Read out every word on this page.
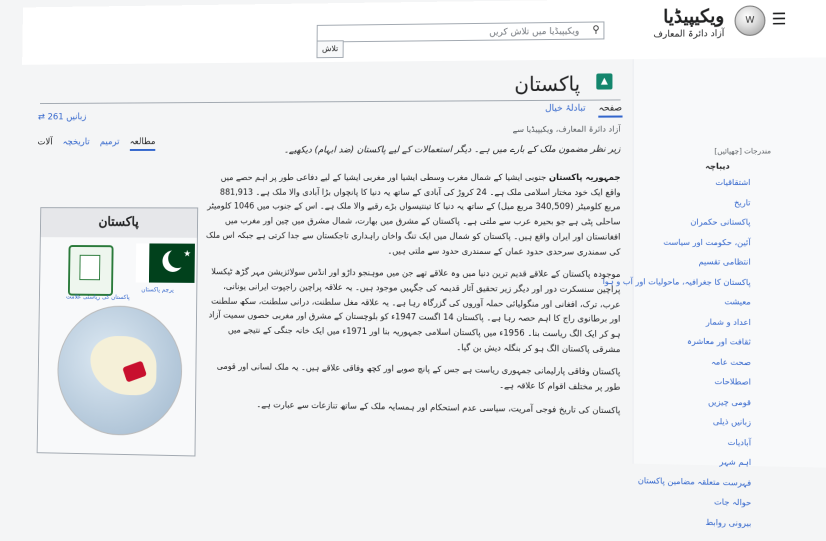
☰
W
ویکیپیڈیا
آزاد دائرۃ المعارف
ویکیپیڈیا میں تلاش کریں	⚲
تلاش
مندرجات [چھپائیں]
دیباچہ
اشتقاقیات
تاریخ
پاکستانی حکمران
آئین، حکومت اور سیاست
انتظامی تقسیم
پاکستان کا جغرافیہ، ماحولیات اور آب و ہوا
معیشت
اعداد و شمار
ثقافت اور معاشرہ
صحت عامہ
اصطلاحات
قومی چیزیں
زبانیں ذیلی
آبادیات
اہم شہر
فہرست متعلقہ مضامین پاکستان
حوالہ جات
بیرونی روابط
▲
پاکستان
⇄ 261 زبانیں
صفحہ تبادلۂ خیال
مطالعہ ترمیم تاریخچہ آلات
آزاد دائرۃ المعارف، ویکیپیڈیا سے
زیر نظر مضمون ملک کے بارے میں ہے۔ دیگر استعمالات کے لیے پاکستان (ضد ابہام) دیکھیے۔
پاکستان
★
پرچم پاکستان
پاکستان کی ریاستی علامت

جمہوریہ پاکستان جنوبی ایشیا کے شمال مغرب وسطی ایشیا اور مغربی ایشیا کے لیے دفاعی طور پر اہم حصے میں واقع ایک خود مختار اسلامی ملک ہے۔ 24 کروڑ کی آبادی کے ساتھ یہ دنیا کا پانچواں بڑا آبادی والا ملک ہے۔ 881,913 مربع کلومیٹر (340,509 مربع میل) کے ساتھ یہ دنیا کا تینتیسواں بڑے رقبے والا ملک ہے۔ اس کے جنوب میں 1046 کلومیٹر ساحلی پٹی ہے جو بحیرہ عرب سے ملتی ہے۔ پاکستان کے مشرق میں بھارت، شمال مشرق میں چین اور مغرب میں افغانستان اور ایران واقع ہیں۔ پاکستان کو شمال میں ایک تنگ واخان راہداری تاجکستان سے جدا کرتی ہے جبکہ اس ملک کی سمندری سرحدی حدود عمان کے سمندری حدود سے ملتی ہیں۔

موجودہ پاکستان کے علاقے قدیم ترین دنیا میں وہ علاقے تھے جن میں موہنجو داڑو اور انڈس سولائزیشن مہر گڑھ ٹیکسلا پراچین سنسکرت دور اور دیگر زیر تحقیق آثار قدیمہ کی جگہیں موجود ہیں۔ یہ علاقہ پراچین راجپوت ایرانی یونانی، عرب، ترک، افغانی اور منگولیائی حملہ آوروں کی گزرگاہ رہا ہے۔ یہ علاقہ مغل سلطنت، درانی سلطنت، سکھ سلطنت اور برطانوی راج کا اہم حصہ رہا ہے۔ پاکستان 14 اگست 1947ء کو بلوچستان کے مشرق اور مغربی حصوں سمیت آزاد ہو کر ایک الگ ریاست بنا۔ 1956ء میں پاکستان اسلامی جمہوریہ بنا اور 1971ء میں ایک خانہ جنگی کے نتیجے میں مشرقی پاکستان الگ ہو کر بنگلہ دیش بن گیا۔

پاکستان وفاقی پارلیمانی جمہوری ریاست ہے جس کے پانچ صوبے اور کچھ وفاقی علاقے ہیں۔ یہ ملک لسانی اور قومی طور پر مختلف اقوام کا علاقہ ہے۔

پاکستان کی تاریخ فوجی آمریت، سیاسی عدم استحکام اور ہمسایہ ملک کے ساتھ تنازعات سے عبارت ہے۔
